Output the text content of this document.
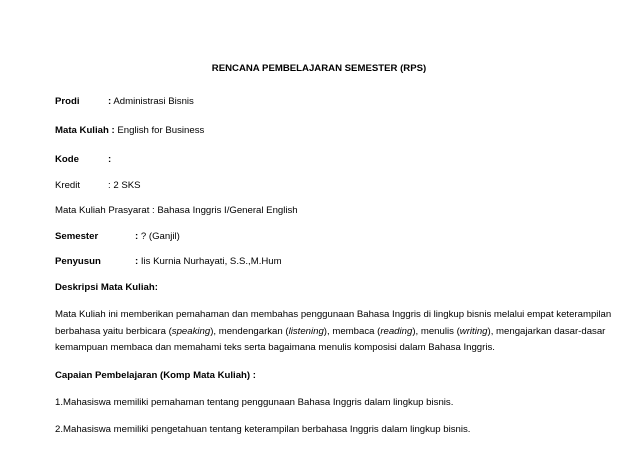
RENCANA PEMBELAJARAN SEMESTER (RPS)
Prodi	: Administrasi Bisnis
Mata Kuliah : English for Business
Kode	:
Kredit	: 2 SKS
Mata Kuliah Prasyarat : Bahasa Inggris I/General English
Semester	: ? (Ganjil)
Penyusun	: Iis Kurnia Nurhayati, S.S.,M.Hum
Deskripsi Mata Kuliah:
Mata Kuliah ini memberikan pemahaman dan membahas penggunaan Bahasa Inggris di lingkup bisnis melalui empat keterampilan
berbahasa yaitu berbicara (speaking), mendengarkan (listening), membaca (reading), menulis (writing), mengajarkan dasar-dasar
kemampuan membaca dan memahami teks serta bagaimana menulis komposisi dalam Bahasa Inggris.
Capaian Pembelajaran (Komp Mata Kuliah) :
1.Mahasiswa memiliki pemahaman tentang penggunaan Bahasa Inggris dalam lingkup bisnis.
2.Mahasiswa memiliki pengetahuan tentang keterampilan berbahasa Inggris dalam lingkup bisnis.
